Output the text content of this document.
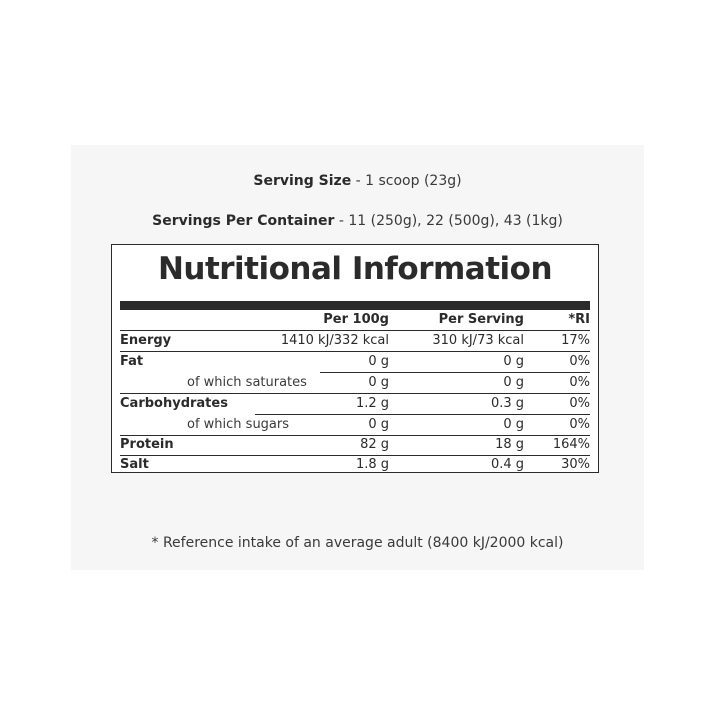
Serving Size - 1 scoop (23g)
Servings Per Container - 11 (250g), 22 (500g), 43 (1kg)
Nutritional Information
Per 100g	Per Serving	*RI
Energy	1410 kJ/332 kcal	310 kJ/73 kcal	17%
Fat	0 g	0 g	0%
of which saturates	0 g	0 g	0%
Carbohydrates	1.2 g	0.3 g	0%
of which sugars	0 g	0 g	0%
Protein	82 g	18 g 164%
Salt	1.8 g	0.4 g	30%
* Reference intake of an average adult (8400 kJ/2000 kcal)
